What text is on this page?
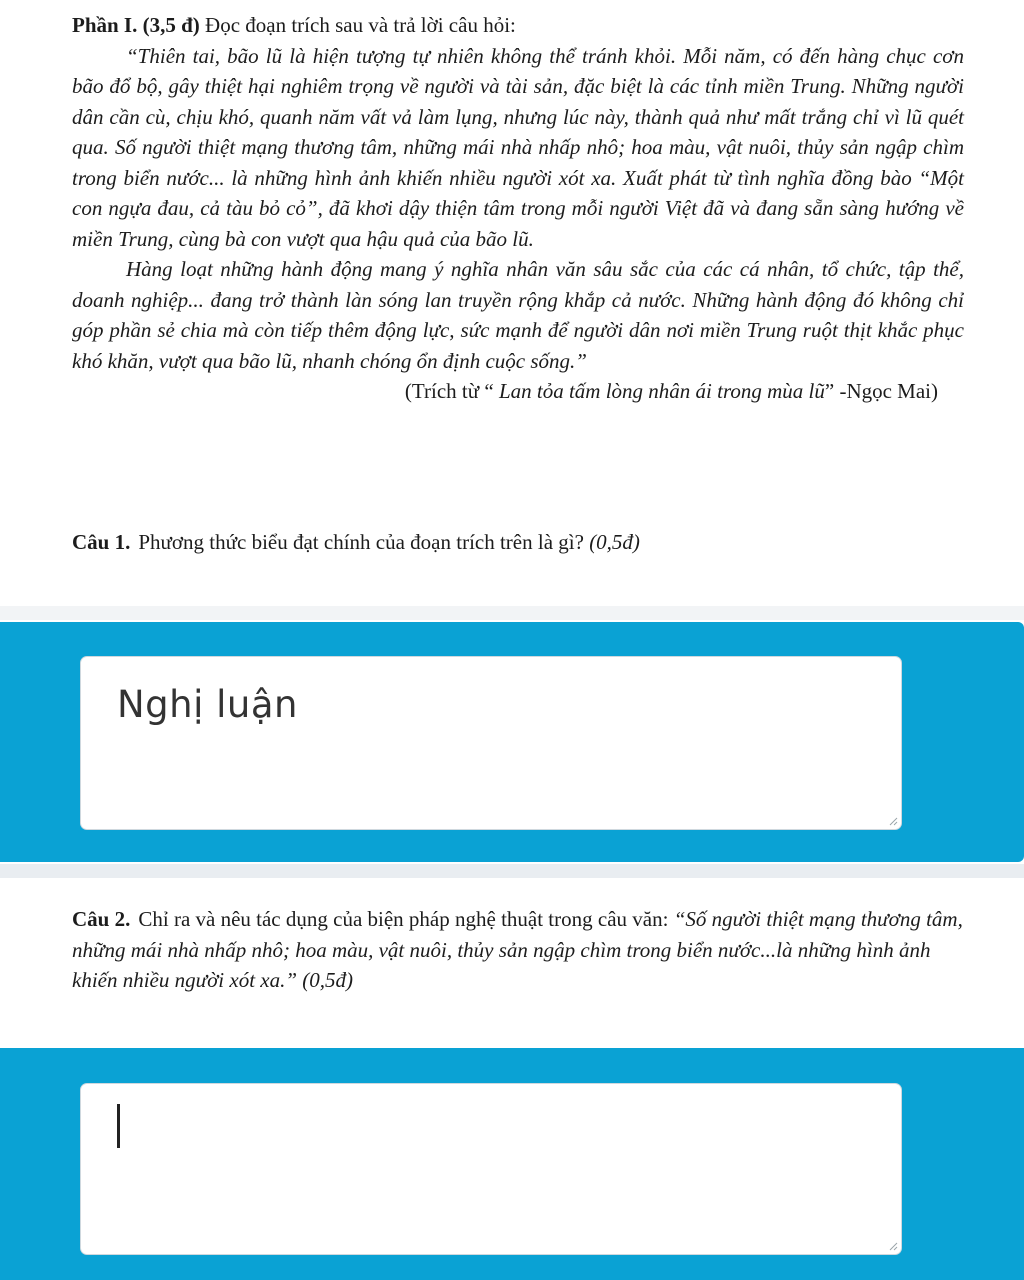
Phần I. (3,5 đ) Đọc đoạn trích sau và trả lời câu hỏi:

“Thiên tai, bão lũ là hiện tượng tự nhiên không thể tránh khỏi. Mỗi năm, có đến hàng chục cơn bão đổ bộ, gây thiệt hại nghiêm trọng về người và tài sản, đặc biệt là các tỉnh miền Trung. Những người dân cần cù, chịu khó, quanh năm vất vả làm lụng, nhưng lúc này, thành quả như mất trắng chỉ vì lũ quét qua. Số người thiệt mạng thương tâm, những mái nhà nhấp nhô; hoa màu, vật nuôi, thủy sản ngập chìm trong biển nước... là những hình ảnh khiến nhiều người xót xa. Xuất phát từ tình nghĩa đồng bào “Một con ngựa đau, cả tàu bỏ cỏ”, đã khơi dậy thiện tâm trong mỗi người Việt đã và đang sẵn sàng hướng về miền Trung, cùng bà con vượt qua hậu quả của bão lũ.

Hàng loạt những hành động mang ý nghĩa nhân văn sâu sắc của các cá nhân, tổ chức, tập thể, doanh nghiệp... đang trở thành làn sóng lan truyền rộng khắp cả nước. Những hành động đó không chỉ góp phần sẻ chia mà còn tiếp thêm động lực, sức mạnh để người dân nơi miền Trung ruột thịt khắc phục khó khăn, vượt qua bão lũ, nhanh chóng ổn định cuộc sống.”

(Trích từ “ Lan tỏa tấm lòng nhân ái trong mùa lũ” -Ngọc Mai)

Câu 1. Phương thức biểu đạt chính của đoạn trích trên là gì? (0,5đ)

Nghị luận

Câu 2. Chỉ ra và nêu tác dụng của biện pháp nghệ thuật trong câu văn: “Số người thiệt mạng thương tâm, những mái nhà nhấp nhô; hoa màu, vật nuôi, thủy sản ngập chìm trong biển nước...là những hình ảnh khiến nhiều người xót xa.” (0,5đ)
